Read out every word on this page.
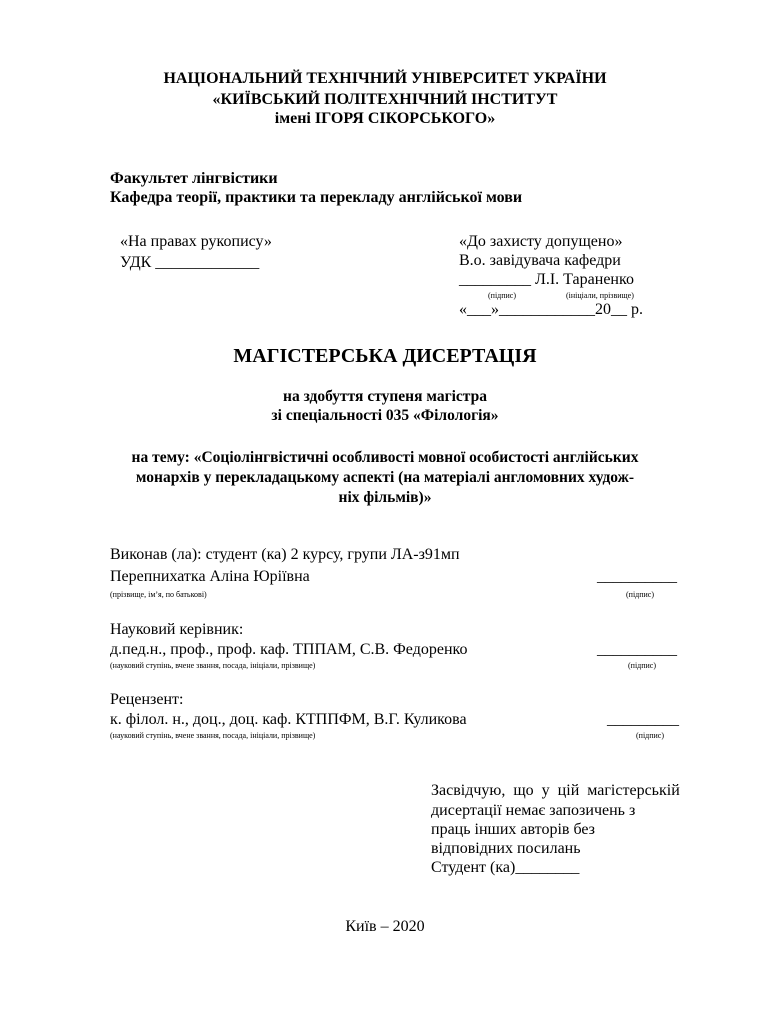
НАЦІОНАЛЬНИЙ ТЕХНІЧНИЙ УНІВЕРСИТЕТ УКРАЇНИ
«КИЇВСЬКИЙ ПОЛІТЕХНІЧНИЙ ІНСТИТУТ
імені ІГОРЯ СІКОРСЬКОГО»
Факультет лінгвістики
Кафедра теорії, практики та перекладу англійської мови
«На правах рукопису»
УДК _____________
«До захисту допущено»
В.о. завідувача кафедри
_________ Л.І. Тараненко
(підпис)	(ініціали, прізвище)
«___»____________20__ р.
МАГІСТЕРСЬКА ДИСЕРТАЦІЯ
на здобуття ступеня магістра
зі спеціальності 035 «Філологія»
на тему: «Соціолінгвістичні особливості мовної особистості англійських
монархів у перекладацькому аспекті (на матеріалі англомовних худож-
ніх фільмів)»
Виконав (ла): студент (ка) 2 курсу, групи ЛА-з91мп
Перепнихатка Аліна Юріївна	__________
(прізвище, ім’я, по батькові)	(підпис)
Науковий керівник:
д.пед.н., проф., проф. каф. ТППАМ, С.В. Федоренко	__________
(науковий ступінь, вчене звання, посада, ініціали, прізвище)	(підпис)
Рецензент:
к. філол. н., доц., доц. каф. КТППФМ, В.Г. Куликова	_________
(науковий ступінь, вчене звання, посада, ініціали, прізвище)	(підпис)
Засвідчую, що у цій магістерській
дисертації немає запозичень з
праць інших авторів без
відповідних посилань
Студент (ка)________
Київ – 2020
